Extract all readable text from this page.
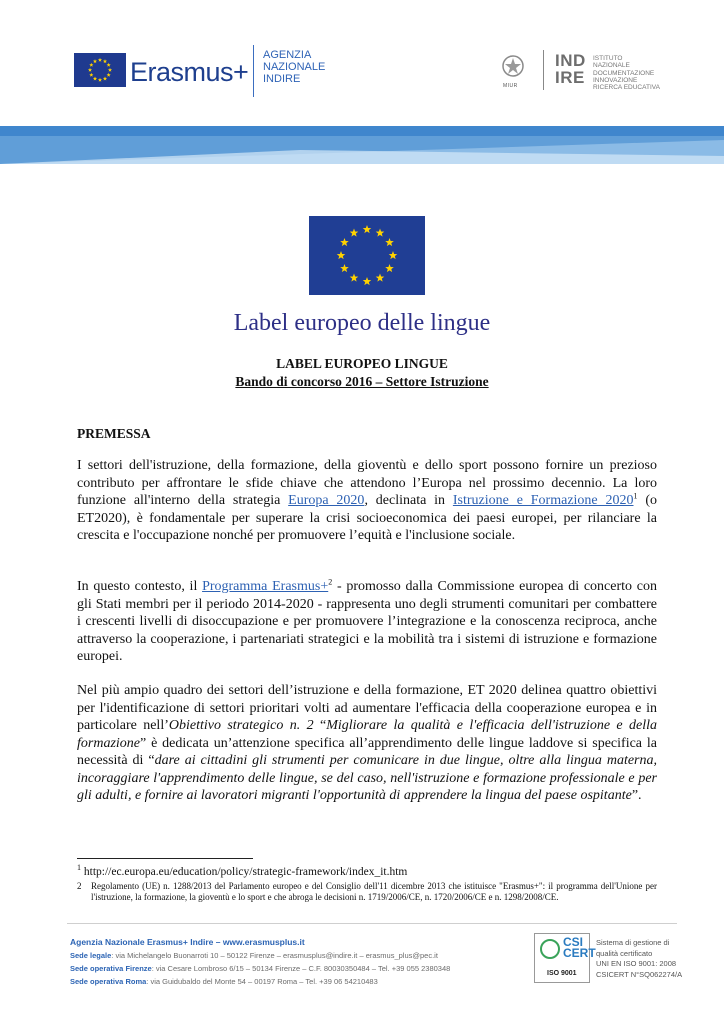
Erasmus+
AGENZIA
NAZIONALE
INDIRE
MIUR
IND
IRE
ISTITUTO
NAZIONALE
DOCUMENTAZIONE
INNOVAZIONE
RICERCA EDUCATIVA
Label europeo delle lingue
LABEL EUROPEO LINGUE
Bando di concorso 2016 – Settore Istruzione
PREMESSA
I settori dell'istruzione, della formazione, della gioventù e dello sport possono fornire un prezioso contributo per affrontare le sfide chiave che attendono l’Europa nel prossimo decennio. La loro funzione all'interno della strategia Europa 2020, declinata in Istruzione e Formazione 2020$^1$ (o ET2020), è fondamentale per superare la crisi socioeconomica dei paesi europei, per rilanciare la crescita e l'occupazione nonché per promuovere l’equità e l'inclusione sociale.
In questo contesto, il Programma Erasmus+$^2$ - promosso dalla Commissione europea di concerto con gli Stati membri per il periodo 2014-2020 - rappresenta uno degli strumenti comunitari per combattere i crescenti livelli di disoccupazione e per promuovere l’integrazione e la conoscenza reciproca, anche attraverso la cooperazione, i partenariati strategici e la mobilità tra i sistemi di istruzione e formazione europei.
Nel più ampio quadro dei settori dell’istruzione e della formazione, ET 2020 delinea quattro obiettivi per l'identificazione di settori prioritari volti ad aumentare l'efficacia della cooperazione europea e in particolare nell’Obiettivo strategico n. 2 “Migliorare la qualità e l'efficacia dell'istruzione e della formazione” è dedicata un’attenzione specifica all’apprendimento delle lingue laddove si specifica la necessità di “dare ai cittadini gli strumenti per comunicare in due lingue, oltre alla lingua materna, incoraggiare l'apprendimento delle lingue, se del caso, nell'istruzione e formazione professionale e per gli adulti, e fornire ai lavoratori migranti l'opportunità di apprendere la lingua del paese ospitante”.
$^1$ http://ec.europa.eu/education/policy/strategic-framework/index_it.htm
2 Regolamento (UE) n. 1288/2013 del Parlamento europeo e del Consiglio dell'11 dicembre 2013 che istituisce "Erasmus+": il programma dell'Unione per l'istruzione, la formazione, la gioventù e lo sport e che abroga le decisioni n. 1719/2006/CE, n. 1720/2006/CE e n. 1298/2008/CE.
Agenzia Nazionale Erasmus+ Indire – www.erasmusplus.it
Sede legale: via Michelangelo Buonarroti 10 – 50122 Firenze – erasmusplus@indire.it – erasmus_plus@pec.it
Sede operativa Firenze: via Cesare Lombroso 6/15 – 50134 Firenze – C.F. 80030350484 – Tel. +39 055 2380348
Sede operativa Roma: via Guidubaldo del Monte 54 – 00197 Roma – Tel. +39 06 54210483
CSI
CERT
ISO 9001
Sistema di gestione di
qualità certificato
UNI EN ISO 9001: 2008
CSICERT N°SQ062274/A
